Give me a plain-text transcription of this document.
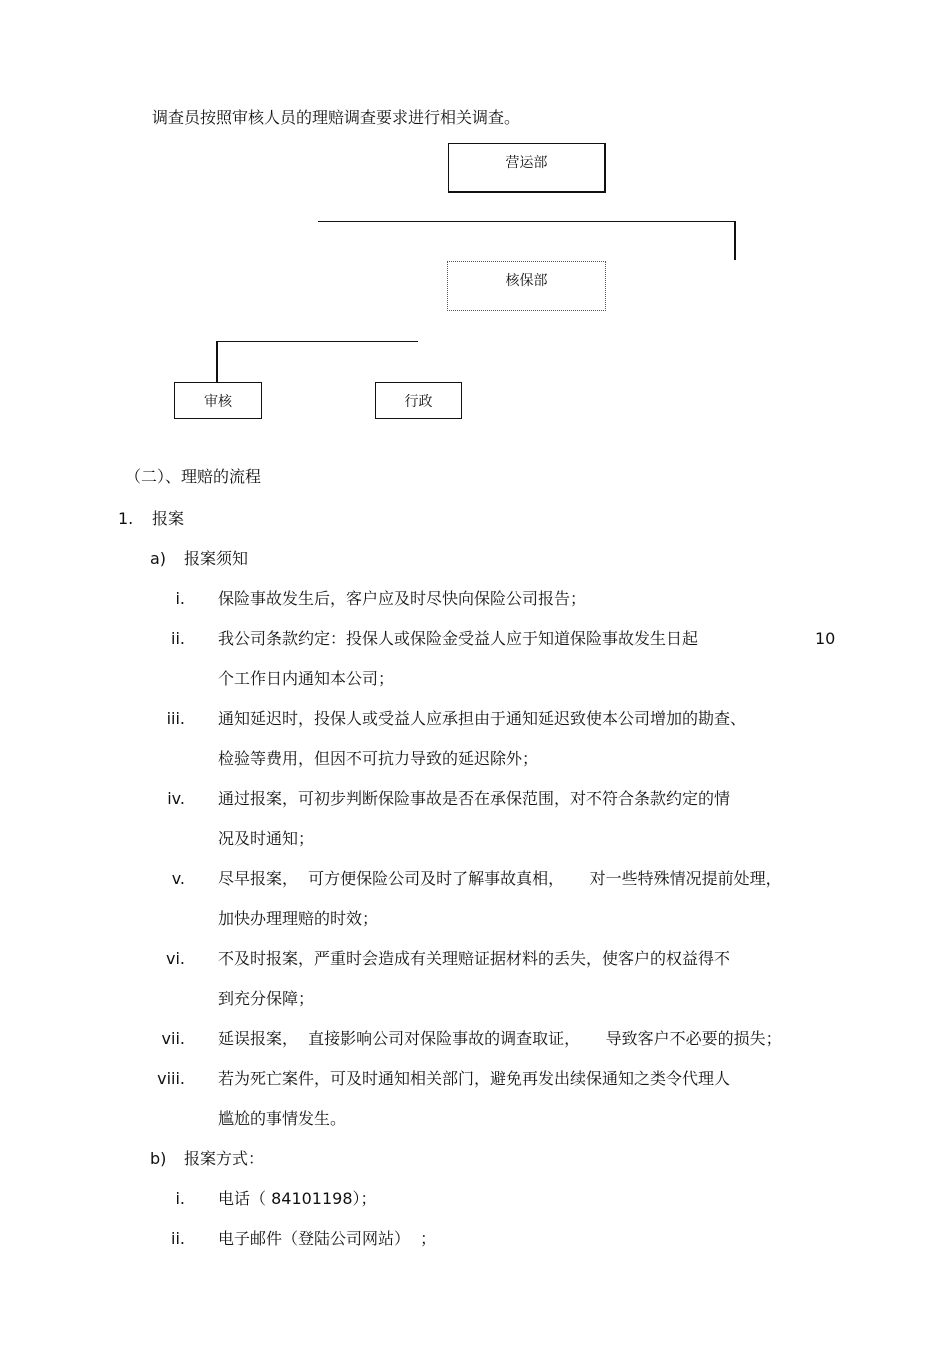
调查员按照审核人员的理赔调查要求进行相关调查。
营运部
核保部
审核	行政
（二）、理赔的流程
1. 报案
a) 报案须知
i. 保险事故发生后，客户应及时尽快向保险公司报告；
ii. 我公司条款约定：投保人或保险金受益人应于知道保险事故发生日起	10
个工作日内通知本公司；
iii. 通知延迟时，投保人或受益人应承担由于通知延迟致使本公司增加的勘查、
检验等费用，但因不可抗力导致的延迟除外；
iv. 通过报案，可初步判断保险事故是否在承保范围，对不符合条款约定的情
况及时通知；
v. 尽早报案，  可方便保险公司及时了解事故真相，     对一些特殊情况提前处理，
加快办理理赔的时效；
vi. 不及时报案，严重时会造成有关理赔证据材料的丢失，使客户的权益得不
到充分保障；
vii. 延误报案，  直接影响公司对保险事故的调查取证，     导致客户不必要的损失；
viii. 若为死亡案件，可及时通知相关部门，避免再发出续保通知之类令代理人
尴尬的事情发生。
b) 报案方式：
i. 电话（ 84101198）；
ii. 电子邮件（登陆公司网站）  ；
